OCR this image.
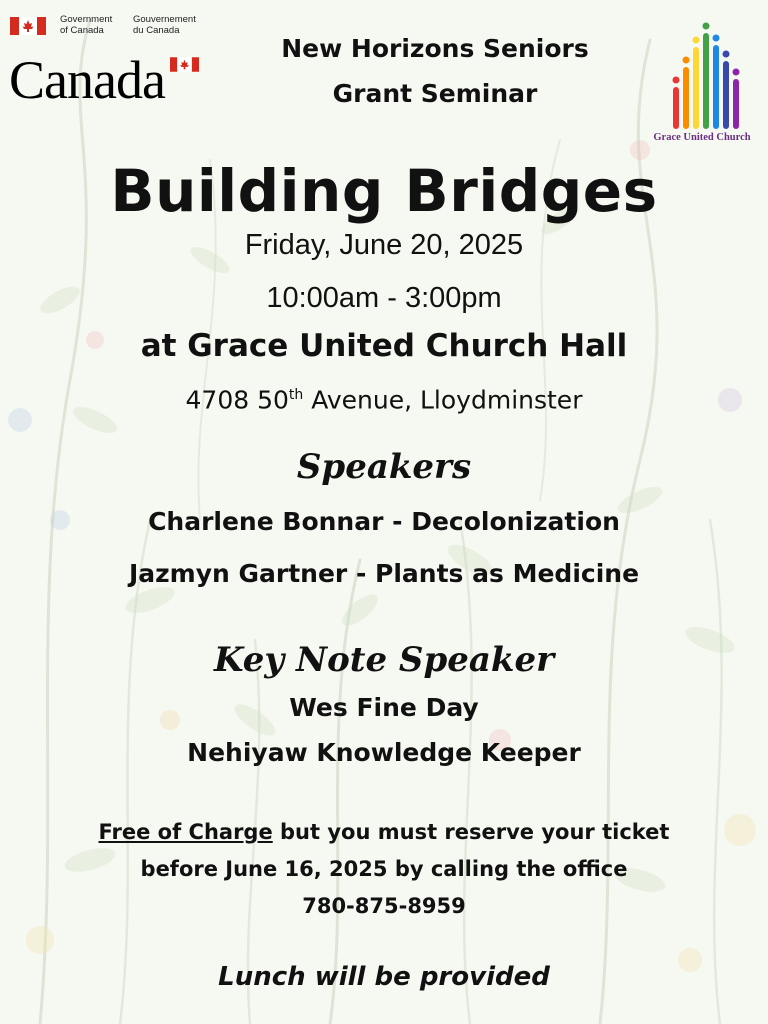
Government
of Canada
Gouvernement
du Canada
Canada
Grace United Church
New Horizons Seniors
Grant Seminar
Building Bridges
Friday, June 20, 2025
10:00am - 3:00pm
at Grace United Church Hall
4708 50th Avenue, Lloydminster
Speakers
Charlene Bonnar - Decolonization
Jazmyn Gartner - Plants as Medicine
Key Note Speaker
Wes Fine Day
Nehiyaw Knowledge Keeper
Free of Charge but you must reserve your ticket
before June 16, 2025 by calling the office
780-875-8959
Lunch will be provided
